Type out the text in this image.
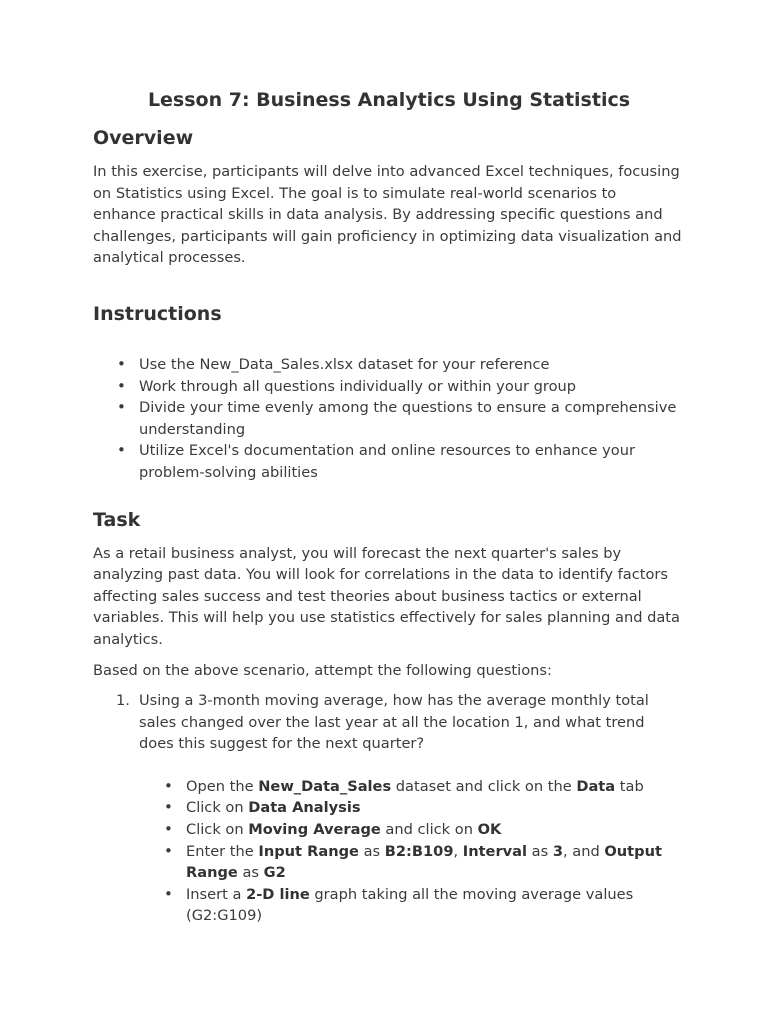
Lesson 7: Business Analytics Using Statistics
Overview

In this exercise, participants will delve into advanced Excel techniques, focusing on Statistics using Excel. The goal is to simulate real-world scenarios to enhance practical skills in data analysis. By addressing specific questions and challenges, participants will gain proficiency in optimizing data visualization and analytical processes.

Instructions
• Use the New_Data_Sales.xlsx dataset for your reference
• Work through all questions individually or within your group
• Divide your time evenly among the questions to ensure a comprehensive understanding
• Utilize Excel's documentation and online resources to enhance your problem-solving abilities
Task

As a retail business analyst, you will forecast the next quarter's sales by analyzing past data. You will look for correlations in the data to identify factors affecting sales success and test theories about business tactics or external variables. This will help you use statistics effectively for sales planning and data analytics.

Based on the above scenario, attempt the following questions:

1. Using a 3-month moving average, how has the average monthly total sales changed over the last year at all the location 1, and what trend does this suggest for the next quarter?
• Open the New_Data_Sales dataset and click on the Data tab
• Click on Data Analysis
• Click on Moving Average and click on OK
• Enter the Input Range as B2:B109, Interval as 3, and Output Range as G2
• Insert a 2-D line graph taking all the moving average values (G2:G109)
